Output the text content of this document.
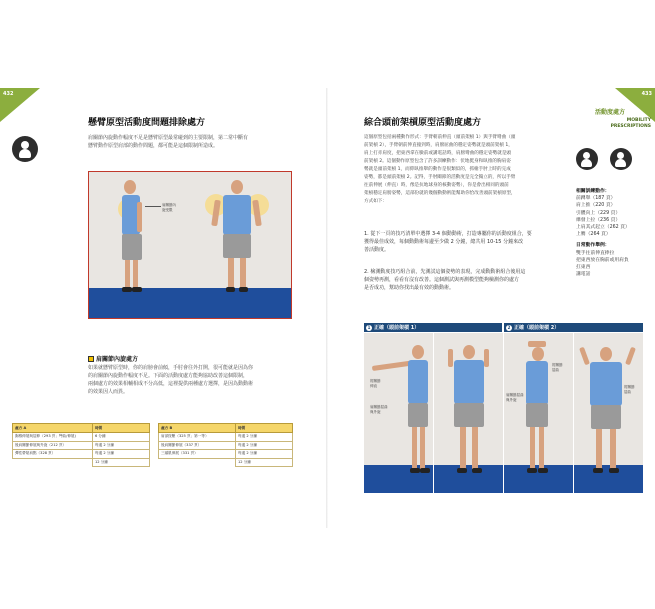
432
懸臂原型活動度問題排除處方
肩關節內旋動作幅度不足是懸臂原型最常碰到的主要限制，第二常中斷有
懸臂動作原型肩部的動作問題，都可能是這個限制所造成。
肩關節內
旋受限
肩關節內旋處方
如果就懸臂原型時，你的肩膀會前傾，手肘會往外打開，很可能就是因為你
的肩關節內旋動作幅度不足。下面的活動度處方能夠協助改善這個限制，
兩個處方的效果相輔相成不分高低，這裡提供兩種處方選擇，是因為動動術
的效果因人而異。
處方 A	時間
胸椎伸展與屈伸（293 頁；彎曲/伸展)	6 分鐘
後肩關節伸展與外旋（212 頁）	每邊 2 分鐘
彈性帶貼肩點（328 頁）	每邊 2 分鐘
	12 分鐘
處方 B	時間
肩部按壓（325 頁；第一等）	每邊 2 分鐘
後肩關節伸展（337 頁）	每邊 2 分鐘
三頭肌伸展（331 頁）	每邊 2 分鐘
	12 分鐘
433
活動度處方
MOBILITY
PRESCRIPTIONS
綜合頭前架槓原型活動度處方
這個原型包括兩種動作形式：手臂朝前伸直（頭前架槓 1）與手臂彎曲（頭
前架槓 2），手臂朝前伸直撞到時，肩膀屈曲的穩定姿勢就是頭前架槓 1，
肩上打赤肩度，把東西拿在臉前或講電話時，肩膀彎曲的穩定姿勢就是頭
前架槓 2。這個動作原型包含了許多訓練動作：伏地挺身和臥推的胸肩姿
勢就是頭前架槓 1，而仰臥推舉的動作是很類似的，抓槍手肘上時的完成
姿勢，都是頭前架槓 2。記得，手肘關節的活動度是完全獨立的，所以手臂
往前伸展（伸直）時，像是抗地球身的核動姿勢），你是會出相同的頭前
架槓穩定肩膀姿勢，這部份就的幾個動動術能幫助你恰改善頭前架槓原型，
方式如下：
1. 從下一頁的技巧清單中選擇 3-4 個動動術，打造專屬你的活動度組合，要
獲得最佳成效，每個動動術每邊至少做 2 分鐘，總共用 10-15 分鐘來改
善活動度。
2. 檢測動度技巧組合前，先測試這個姿勢的表現，完成動動術組合後用這
個姿勢再測，看看有沒有改善。這個測試與再測模型能夠檢測你的處方
是否成功，幫助你找出最有效的動動術。
相關訓練動作：
前蹲舉（187 頁）
肩上推（220 頁）
引體向上（229 頁）
爆發上拉（236 頁）
上肩其式起立（262 頁）
上膊（264 頁）
日常動作舉例：
雙手往前伸直捧拉
把東西放在胸前或用肩負
扛東西
講電話
1 正確（頭前架槓 1）	2 正確（頭前架槓 2）
肘關節
伸直
肩關節屈曲
與外旋
肘關節
屈曲
肩關節屈曲
與外旋
肘關節
屈曲
